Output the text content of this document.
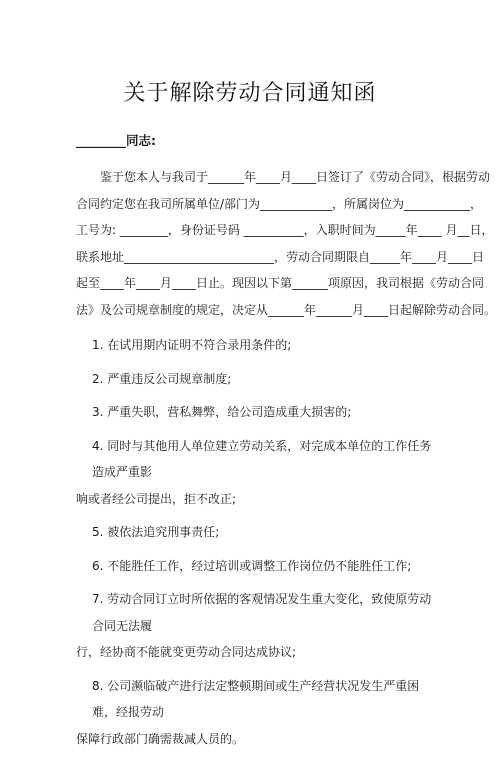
关于解除劳动合同通知函
________同志:
鉴于您本人与我司于______年____月____日签订了《劳动合同》，根据劳动
合同约定您在我司所属单位/部门为____________，所属岗位为___________，
工号为: ________，身份证号码 __________，入职时间为_____年____ 月__日，
联系地址_________________________，劳动合同期限自_____年____月____日
起至____年____月____日止。现因以下第______项原因，我司根据《劳动合同
法》及公司规章制度的规定，决定从______年______月____日起解除劳动合同。
1. 在试用期内证明不符合录用条件的;
2. 严重违反公司规章制度;
3. 严重失职，营私舞弊，给公司造成重大损害的;
4. 同时与其他用人单位建立劳动关系，对完成本单位的工作任务造成严重影
响或者经公司提出，拒不改正;
5. 被依法追究刑事责任;
6. 不能胜任工作，经过培训或调整工作岗位仍不能胜任工作;
7. 劳动合同订立时所依据的客观情况发生重大变化，致使原劳动合同无法履
行，经协商不能就变更劳动合同达成协议;
8. 公司濒临破产进行法定整顿期间或生产经营状况发生严重困难，经报劳动
保障行政部门确需裁减人员的。
